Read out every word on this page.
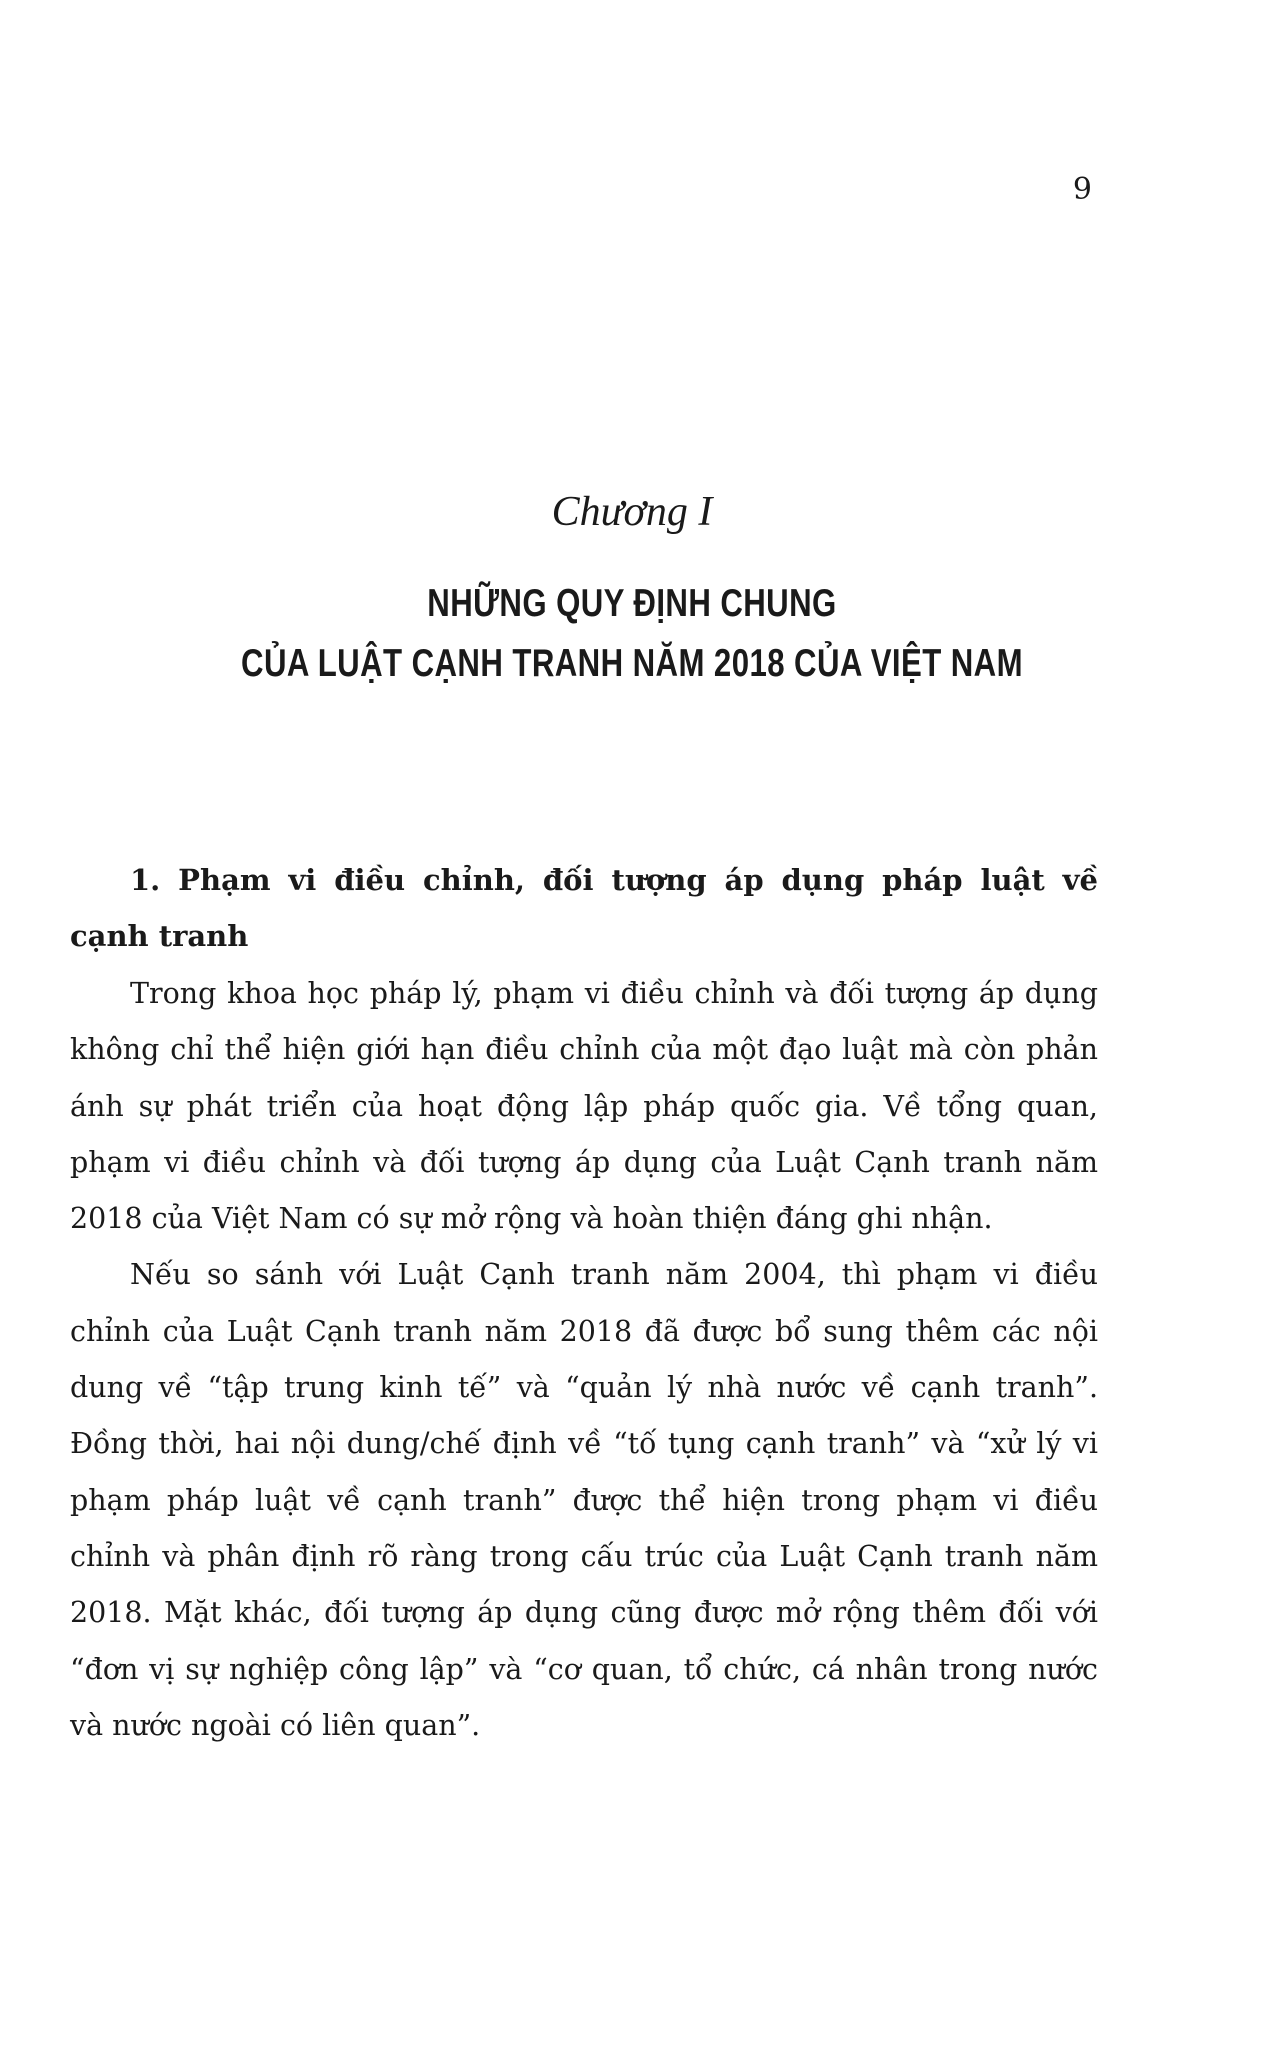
9
Chương I
NHỮNG QUY ĐỊNH CHUNG
CỦA LUẬT CẠNH TRANH NĂM 2018 CỦA VIỆT NAM

1. Phạm vi điều chỉnh, đối tượng áp dụng pháp luật về cạnh tranh

Trong khoa học pháp lý, phạm vi điều chỉnh và đối tượng áp dụng không chỉ thể hiện giới hạn điều chỉnh của một đạo luật mà còn phản ánh sự phát triển của hoạt động lập pháp quốc gia. Về tổng quan, phạm vi điều chỉnh và đối tượng áp dụng của Luật Cạnh tranh năm 2018 của Việt Nam có sự mở rộng và hoàn thiện đáng ghi nhận.

Nếu so sánh với Luật Cạnh tranh năm 2004, thì phạm vi điều chỉnh của Luật Cạnh tranh năm 2018 đã được bổ sung thêm các nội dung về “tập trung kinh tế” và “quản lý nhà nước về cạnh tranh”. Đồng thời, hai nội dung/chế định về “tố tụng cạnh tranh” và “xử lý vi phạm pháp luật về cạnh tranh” được thể hiện trong phạm vi điều chỉnh và phân định rõ ràng trong cấu trúc của Luật Cạnh tranh năm 2018. Mặt khác, đối tượng áp dụng cũng được mở rộng thêm đối với “đơn vị sự nghiệp công lập” và “cơ quan, tổ chức, cá nhân trong nước và nước ngoài có liên quan”.
